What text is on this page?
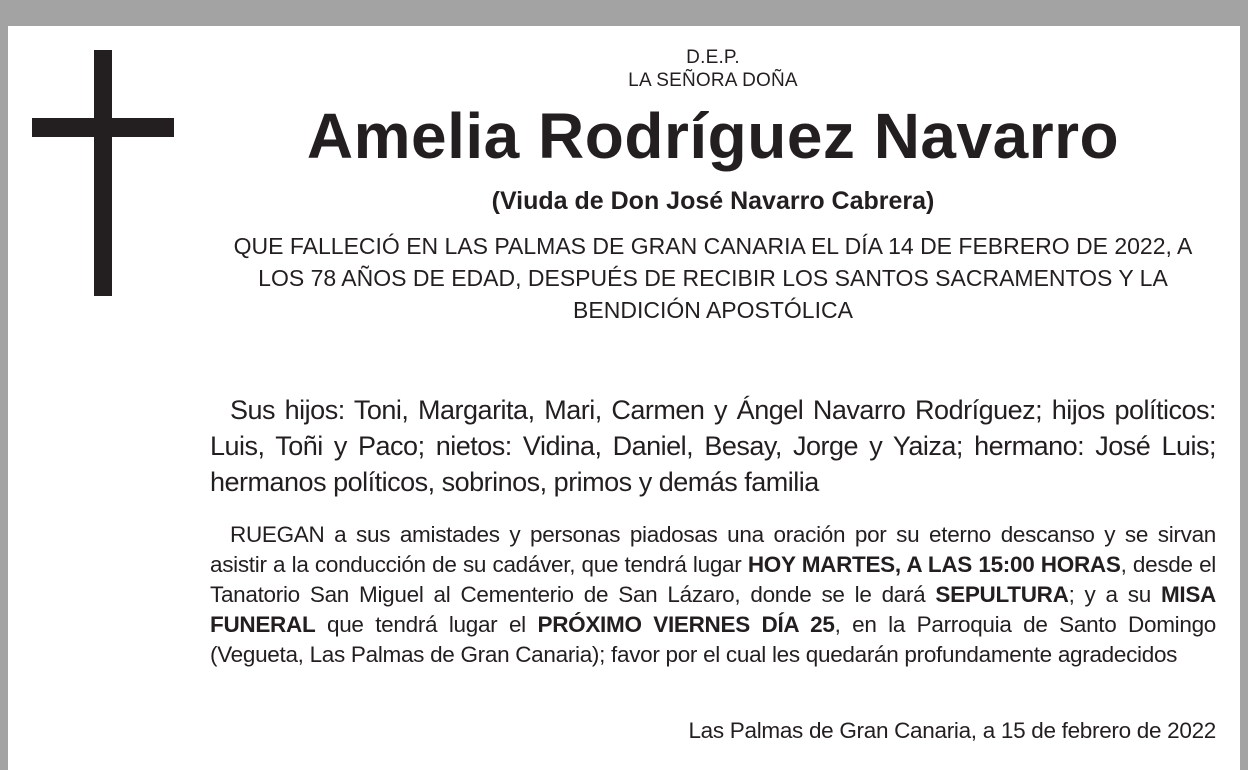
D.E.P.

LA SEÑORA DOÑA

Amelia Rodríguez Navarro

(Viuda de Don José Navarro Cabrera)

QUE FALLECIÓ EN LAS PALMAS DE GRAN CANARIA EL DÍA 14 DE FEBRERO DE 2022, A LOS 78 AÑOS DE EDAD, DESPUÉS DE RECIBIR LOS SANTOS SACRAMENTOS Y LA BENDICIÓN APOSTÓLICA

Sus hijos: Toni, Margarita, Mari, Carmen y Ángel Navarro Rodríguez; hijos políticos: Luis, Toñi y Paco; nietos: Vidina, Daniel, Besay, Jorge y Yaiza; hermano: José Luis; hermanos políticos, sobrinos, primos y demás familia

RUEGAN a sus amistades y personas piadosas una oración por su eterno descanso y se sirvan asistir a la conducción de su cadáver, que tendrá lugar HOY MARTES, A LAS 15:00 HORAS, desde el Tanatorio San Miguel al Cementerio de San Lázaro, donde se le dará SEPULTURA; y a su MISA FUNERAL que tendrá lugar el PRÓXIMO VIERNES DÍA 25, en la Parroquia de Santo Domingo (Vegueta, Las Palmas de Gran Canaria); favor por el cual les quedarán profundamente agradecidos

Las Palmas de Gran Canaria, a 15 de febrero de 2022
